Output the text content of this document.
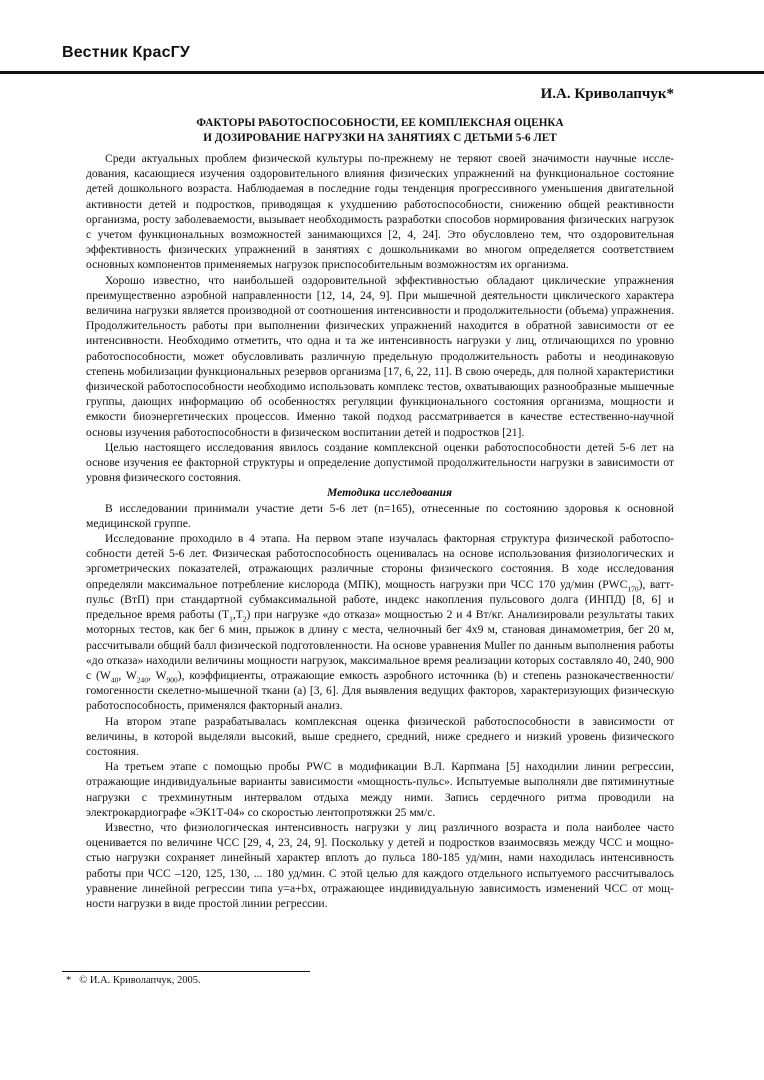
Вестник КрасГУ
И.А. Криволапчук*
ФАКТОРЫ РАБОТОСПОСОБНОСТИ, ЕЕ КОМПЛЕКСНАЯ ОЦЕНКА
И ДОЗИРОВАНИЕ НАГРУЗКИ НА ЗАНЯТИЯХ С ДЕТЬМИ 5-6 ЛЕТ

Среди актуальных проблем физической культуры по-прежнему не теряют своей значимости научные исследования, касающиеся изучения оздоровительного влияния физических упражнений на функциональное состояние детей дошкольного возраста. Наблюдаемая в последние годы тенденция прогрессивного уменьшения двигательной активности детей и подростков, приводящая к ухудшению работоспособности, снижению общей реактивности организма, росту заболеваемости, вызывает необходимость разработки способов нормирования физических нагрузок с учетом функциональных возможностей занимающихся [2, 4, 24]. Это обусловлено тем, что оздоровительная эффективность физических упражнений в занятиях с дошкольниками во многом определяется соответствием основных компонентов применяемых нагрузок приспособительным возможностям их организма.

Хорошо известно, что наибольшей оздоровительной эффективностью обладают циклические упражнения преимущественно аэробной направленности [12, 14, 24, 9]. При мышечной деятельности циклического характера величина нагрузки является производной от соотношения интенсивности и продолжительности (объема) упражнения. Продолжительность работы при выполнении физических упражнений находится в обратной зависимости от ее интенсивности. Необходимо отметить, что одна и та же интенсивность нагрузки у лиц, отличающихся по уровню работоспособности, может обусловливать различную предельную продолжительность работы и неодинаковую степень мобилизации функциональных резервов организма [17, 6, 22, 11]. В свою очередь, для полной характеристики физической работоспособности необходимо использовать комплекс тестов, охватывающих разнообразные мышечные группы, дающих информацию об особенностях регуляции функционального состояния организма, мощности и емкости биоэнергетических процессов. Именно такой подход рассматривается в качестве естественно-научной основы изучения работоспособности в физическом воспитании детей и подростков [21].

Целью настоящего исследования явилось создание комплексной оценки работоспособности детей 5-6 лет на основе изучения ее факторной структуры и определение допустимой продолжительности нагрузки в зависимости от уровня физического состояния.

Методика исследования

В исследовании принимали участие дети 5-6 лет (n=165), отнесенные по состоянию здоровья к основной медицинской группе.

Исследование проходило в 4 этапа. На первом этапе изучалась факторная структура физической работоспособности детей 5-6 лет. Физическая работоспособность оценивалась на основе использования физиологических и эргометрических показателей, отражающих различные стороны физического состояния. В ходе исследования определяли максимальное потребление кислорода (МПК), мощность нагрузки при ЧСС 170 уд/мин $(PWC_{170})$, ватт-пульс (ВтП) при стандартной субмаксимальной работе, индекс накопления пульсового долга (ИНПД) [8, 6] и предельное время работы $(T_1,T_2)$ при нагрузке «до отказа» мощностью 2 и 4 Вт/кг. Анализировали результаты таких моторных тестов, как бег 6 мин, прыжок в длину с места, челночный бег 4х9 м, становая динамометрия, бег 20 м, рассчитывали общий балл физической подготовленности. На основе уравнения Muller по данным выполнения работы «до отказа» находили величины мощности нагрузок, максимальное время реализации которых составляло 40, 240, 900 с ($W_{40}$, $W_{240}$, $W_{900}$), коэффициенты, отражающие емкость аэробного источника (b) и степень разнокачественности/гомогенности скелетно-мышечной ткани (а) [3, 6]. Для выявления ведущих факторов, характеризующих физическую работоспособность, применялся факторный анализ.

На втором этапе разрабатывалась комплексная оценка физической работоспособности в зависимости от величины, в которой выделяли высокий, выше среднего, средний, ниже среднего и низкий уровень физического состояния.

На третьем этапе с помощью пробы PWC в модификации В.Л. Карпмана [5] находилии линии регрессии, отражающие индивидуальные варианты зависимости «мощность-пульс». Испытуемые выполняли две пятиминутные нагрузки с трехминутным интервалом отдыха между ними. Запись сердечного ритма проводили на электрокардиографе «ЭК1Т-04» со скоростью лентопротяжки 25 мм/с.

Известно, что физиологическая интенсивность нагрузки у лиц различного возраста и пола наиболее часто оценивается по величине ЧСС [29, 4, 23, 24, 9]. Поскольку у детей и подростков взаимосвязь между ЧСС и мощностью нагрузки сохраняет линейный характер вплоть до пульса 180-185 уд/мин, нами находилась интенсивность работы при ЧСС –120, 125, 130, ... 180 уд/мин. С этой целью для каждого отдельного испытуемого рассчитывалось уравнение линейной регрессии типа y=a+bx, отражающее индивидуальную зависимость изменений ЧСС от мощности нагрузки в виде простой линии регрессии.

* © И.А. Криволапчук, 2005.
